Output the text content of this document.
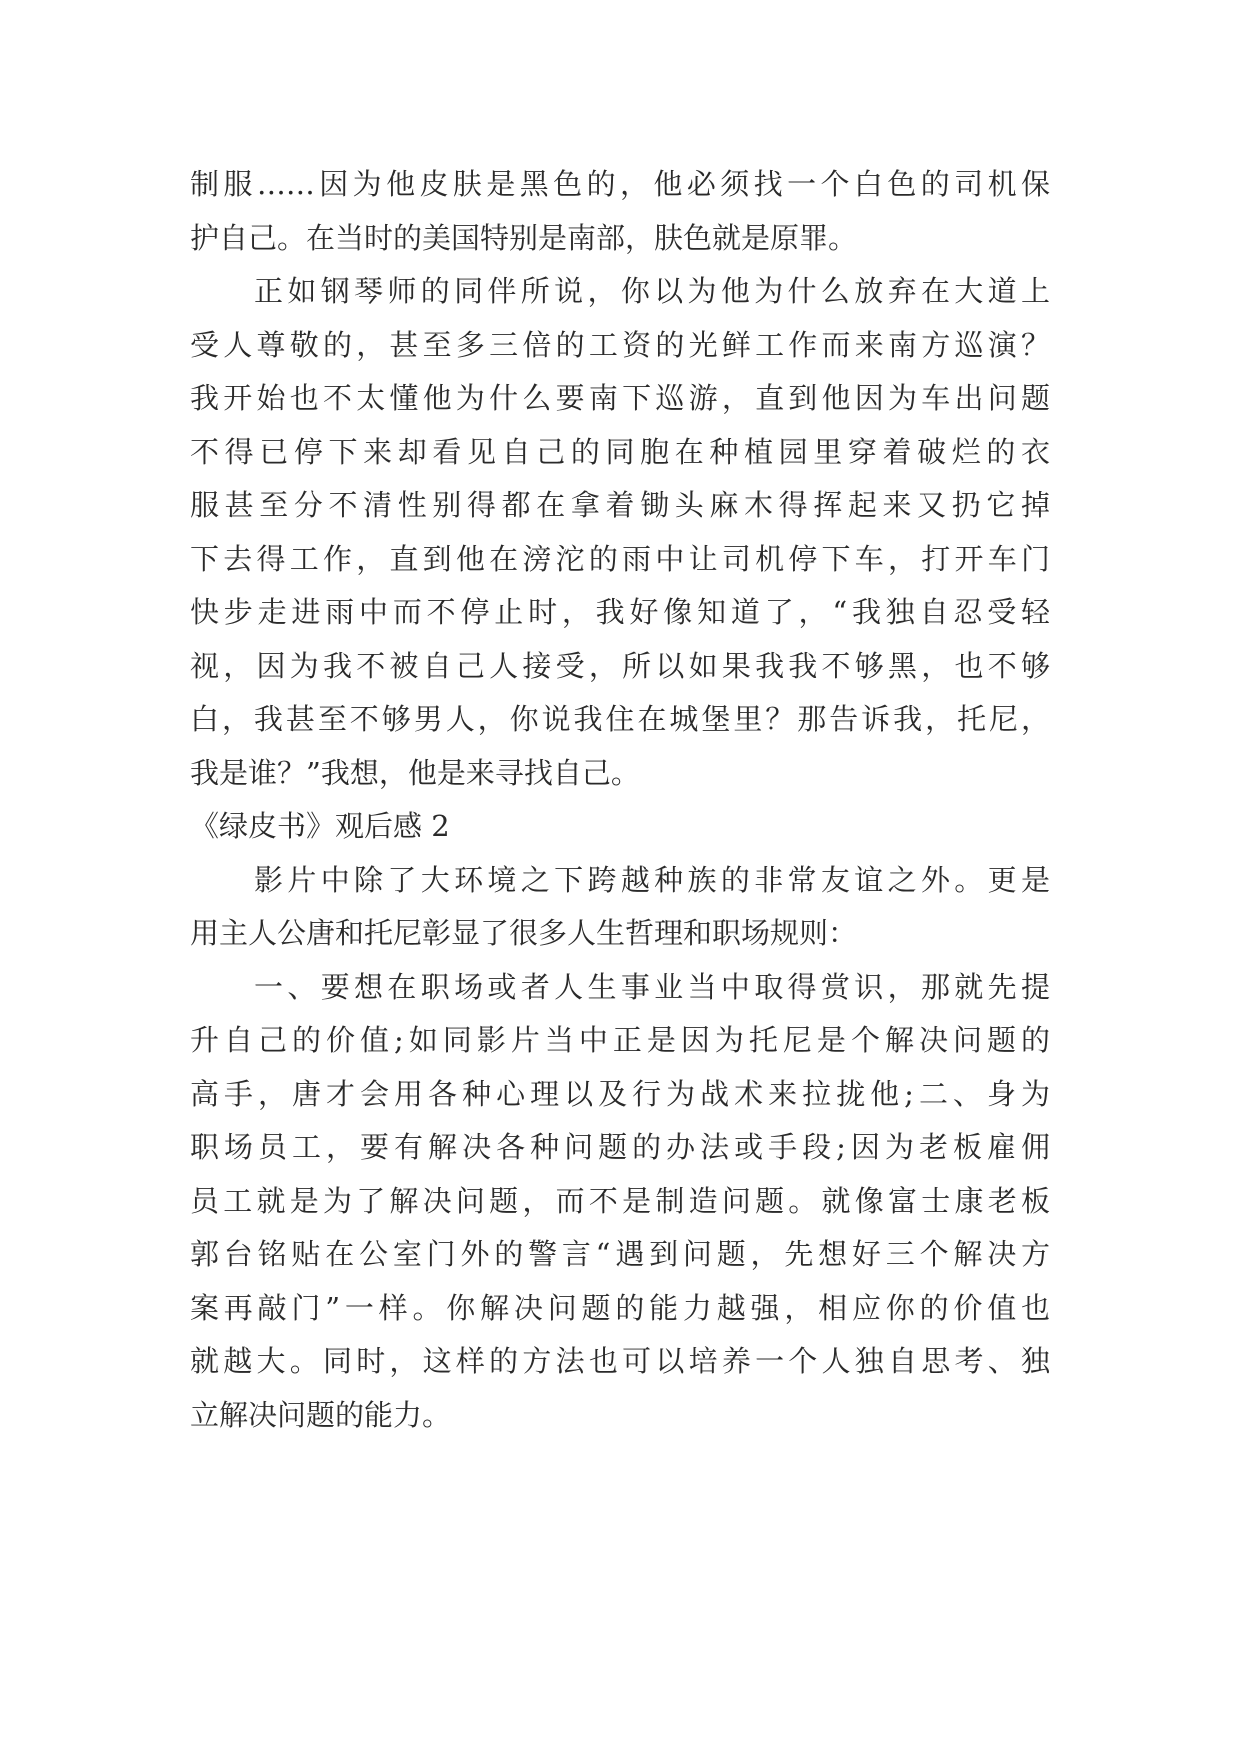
制服……因为他皮肤是黑色的，他必须找一个白色的司机保
护自己。在当时的美国特别是南部，肤色就是原罪。
正如钢琴师的同伴所说，你以为他为什么放弃在大道上
受人尊敬的，甚至多三倍的工资的光鲜工作而来南方巡演？
我开始也不太懂他为什么要南下巡游，直到他因为车出问题
不得已停下来却看见自己的同胞在种植园里穿着破烂的衣
服甚至分不清性别得都在拿着锄头麻木得挥起来又扔它掉
下去得工作，直到他在滂沱的雨中让司机停下车，打开车门
快步走进雨中而不停止时，我好像知道了，“我独自忍受轻
视，因为我不被自己人接受，所以如果我我不够黑，也不够
白，我甚至不够男人，你说我住在城堡里？那告诉我，托尼，
我是谁？”我想，他是来寻找自己。
《绿皮书》观后感 2
影片中除了大环境之下跨越种族的非常友谊之外。更是
用主人公唐和托尼彰显了很多人生哲理和职场规则：
一、要想在职场或者人生事业当中取得赏识，那就先提
升自己的价值;如同影片当中正是因为托尼是个解决问题的
高手，唐才会用各种心理以及行为战术来拉拢他;二、身为
职场员工，要有解决各种问题的办法或手段;因为老板雇佣
员工就是为了解决问题，而不是制造问题。就像富士康老板
郭台铭贴在公室门外的警言“遇到问题，先想好三个解决方
案再敲门”一样。你解决问题的能力越强，相应你的价值也
就越大。同时，这样的方法也可以培养一个人独自思考、独
立解决问题的能力。
